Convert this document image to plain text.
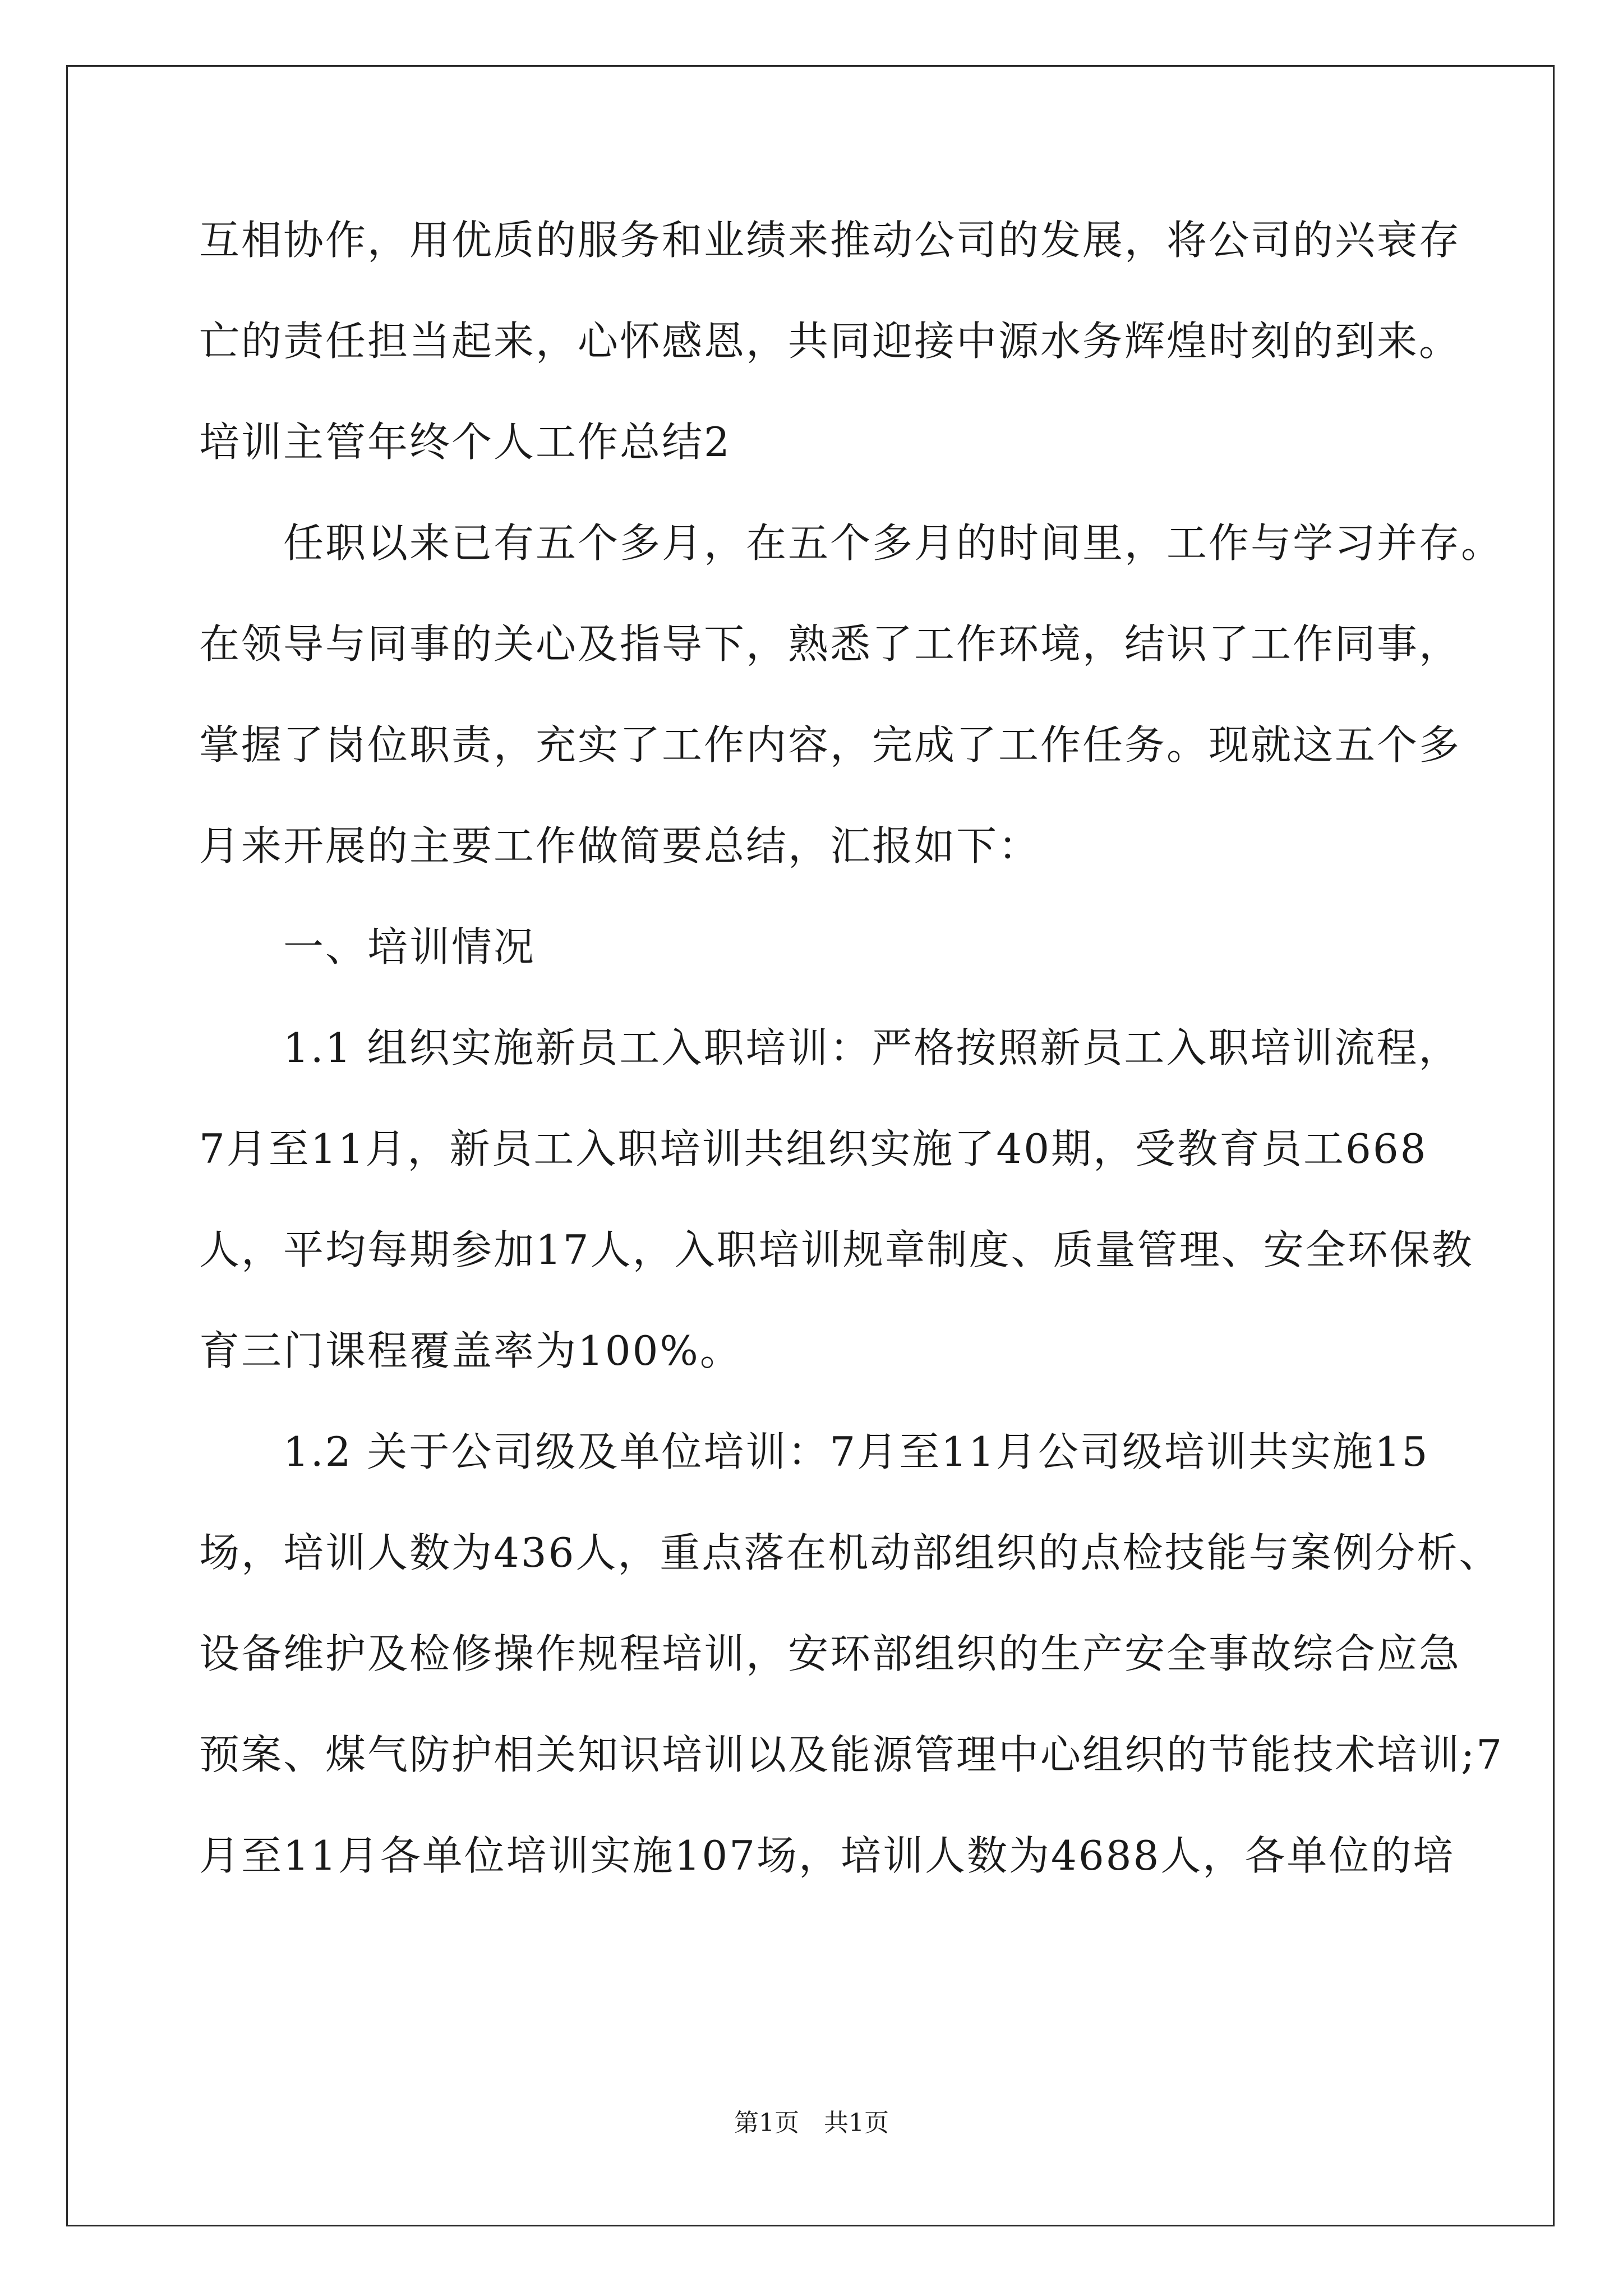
互相协作，用优质的服务和业绩来推动公司的发展，将公司的兴衰存
亡的责任担当起来，心怀感恩，共同迎接中源水务辉煌时刻的到来。
培训主管年终个人工作总结2
　　任职以来已有五个多月，在五个多月的时间里，工作与学习并存。
在领导与同事的关心及指导下，熟悉了工作环境，结识了工作同事，
掌握了岗位职责，充实了工作内容，完成了工作任务。现就这五个多
月来开展的主要工作做简要总结，汇报如下：
　　一、培训情况
　　1.1 组织实施新员工入职培训：严格按照新员工入职培训流程，
7月至11月，新员工入职培训共组织实施了40期，受教育员工668
人，平均每期参加17人，入职培训规章制度、质量管理、安全环保教
育三门课程覆盖率为100%。
　　1.2 关于公司级及单位培训：7月至11月公司级培训共实施15
场，培训人数为436人，重点落在机动部组织的点检技能与案例分析、
设备维护及检修操作规程培训，安环部组织的生产安全事故综合应急
预案、煤气防护相关知识培训以及能源管理中心组织的节能技术培训;7
月至11月各单位培训实施107场，培训人数为4688人，各单位的培
第1页　共1页
